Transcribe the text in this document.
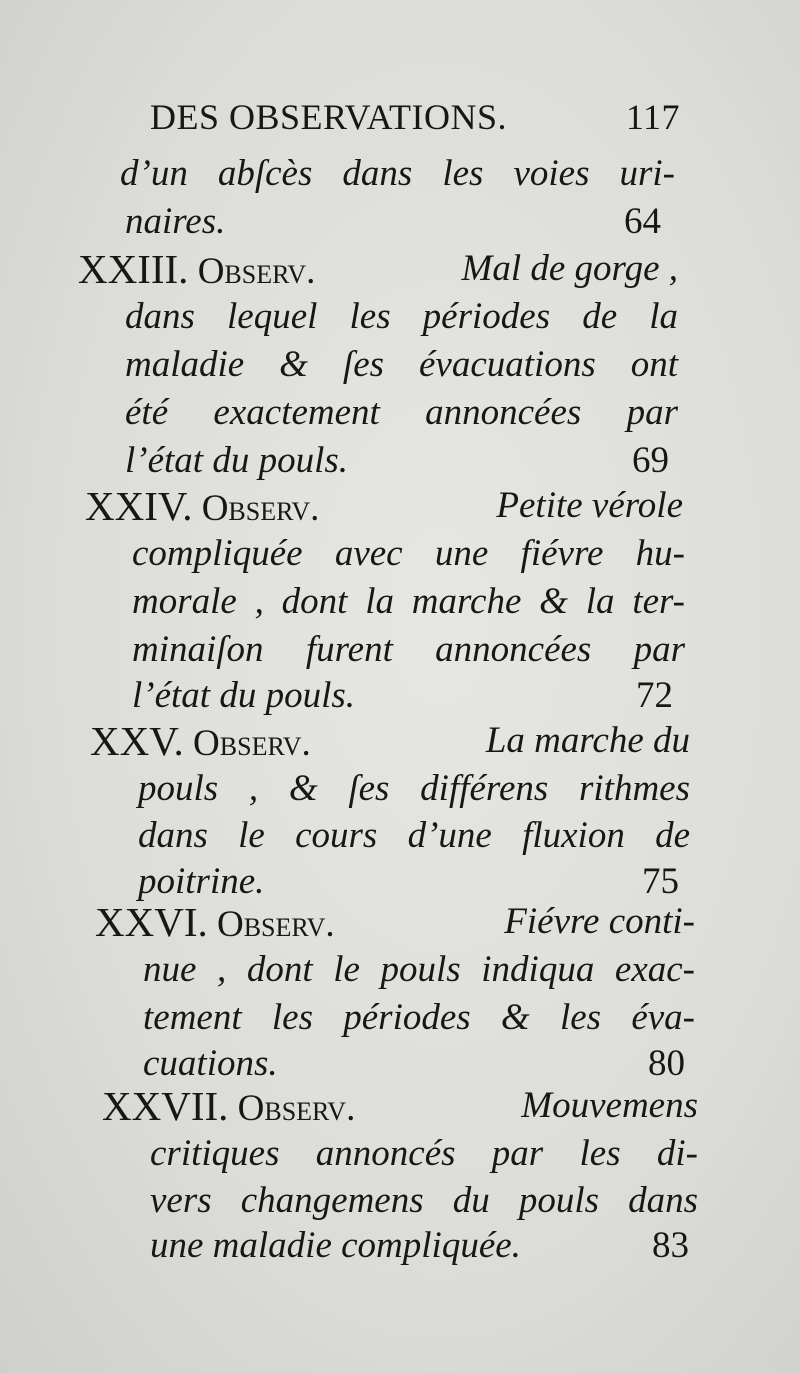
DES OBSERVATIONS.	117
d’un abſcès dans les voies uri-
naires.	64
XXIII. Observ.	Mal de gorge ,
dans lequel les périodes de la
maladie & ſes évacuations ont
été exactement annoncées par
l’état du pouls.	69
XXIV. Observ.	Petite vérole
compliquée avec une fiévre hu-
morale , dont la marche & la ter-
minaiſon furent annoncées par
l’état du pouls.	72
XXV. Observ.	La marche du
pouls , & ſes différens rithmes
dans le cours d’une fluxion de
poitrine.	75
XXVI. Observ.	Fiévre conti-
nue , dont le pouls indiqua exac-
tement les périodes & les éva-
cuations.	80
XXVII. Observ.	Mouvemens
critiques annoncés par les di-
vers changemens du pouls dans
une maladie compliquée.	83
